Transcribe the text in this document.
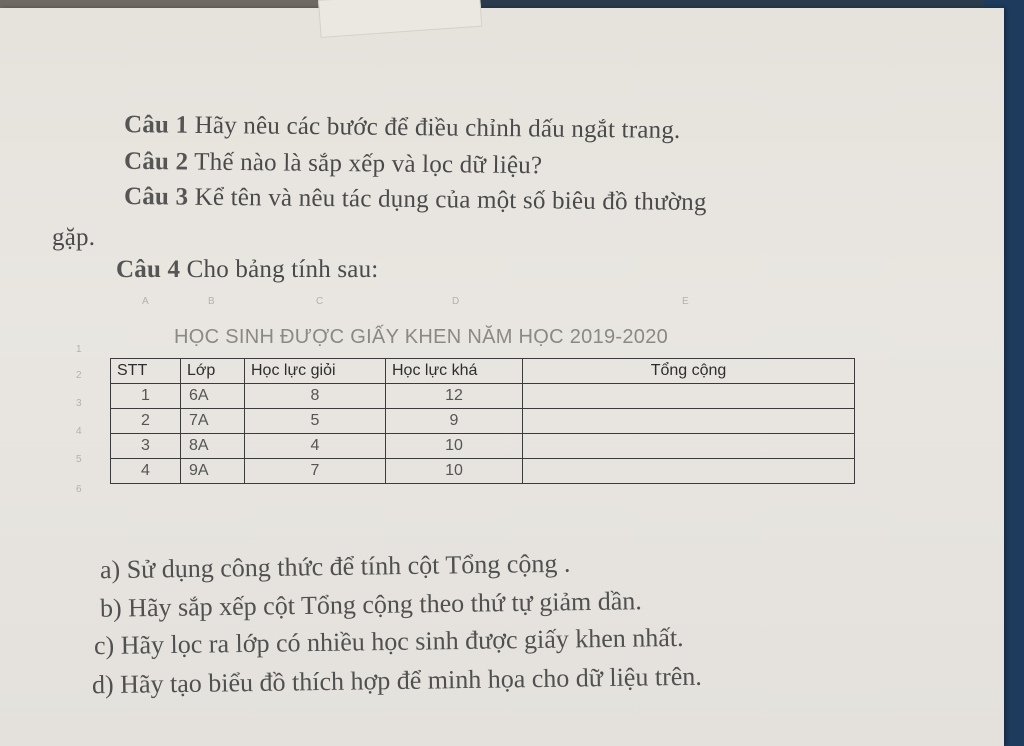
Câu 1 Hãy nêu các bước để điều chỉnh dấu ngắt trang.
Câu 2 Thế nào là sắp xếp và lọc dữ liệu?
Câu 3 Kể tên và nêu tác dụng của một số biêu đồ thường
gặp.
Câu 4 Cho bảng tính sau:
A	B	C	D	E
1
2
3
4
5
6
HỌC SINH ĐƯỢC GIẤY KHEN NĂM HỌC 2019-2020
STT	Lớp	Học lực giỏi	Học lực khá	Tổng cộng
1	6A	8	12	
2	7A	5	9	
3	8A	4	10	
4	9A	7	10	
a) Sử dụng công thức để tính cột Tổng cộng .
b) Hãy sắp xếp cột Tổng cộng theo thứ tự giảm dần.
c) Hãy lọc ra lớp có nhiều học sinh được giấy khen nhất.
d) Hãy tạo biểu đồ thích hợp để minh họa cho dữ liệu trên.
